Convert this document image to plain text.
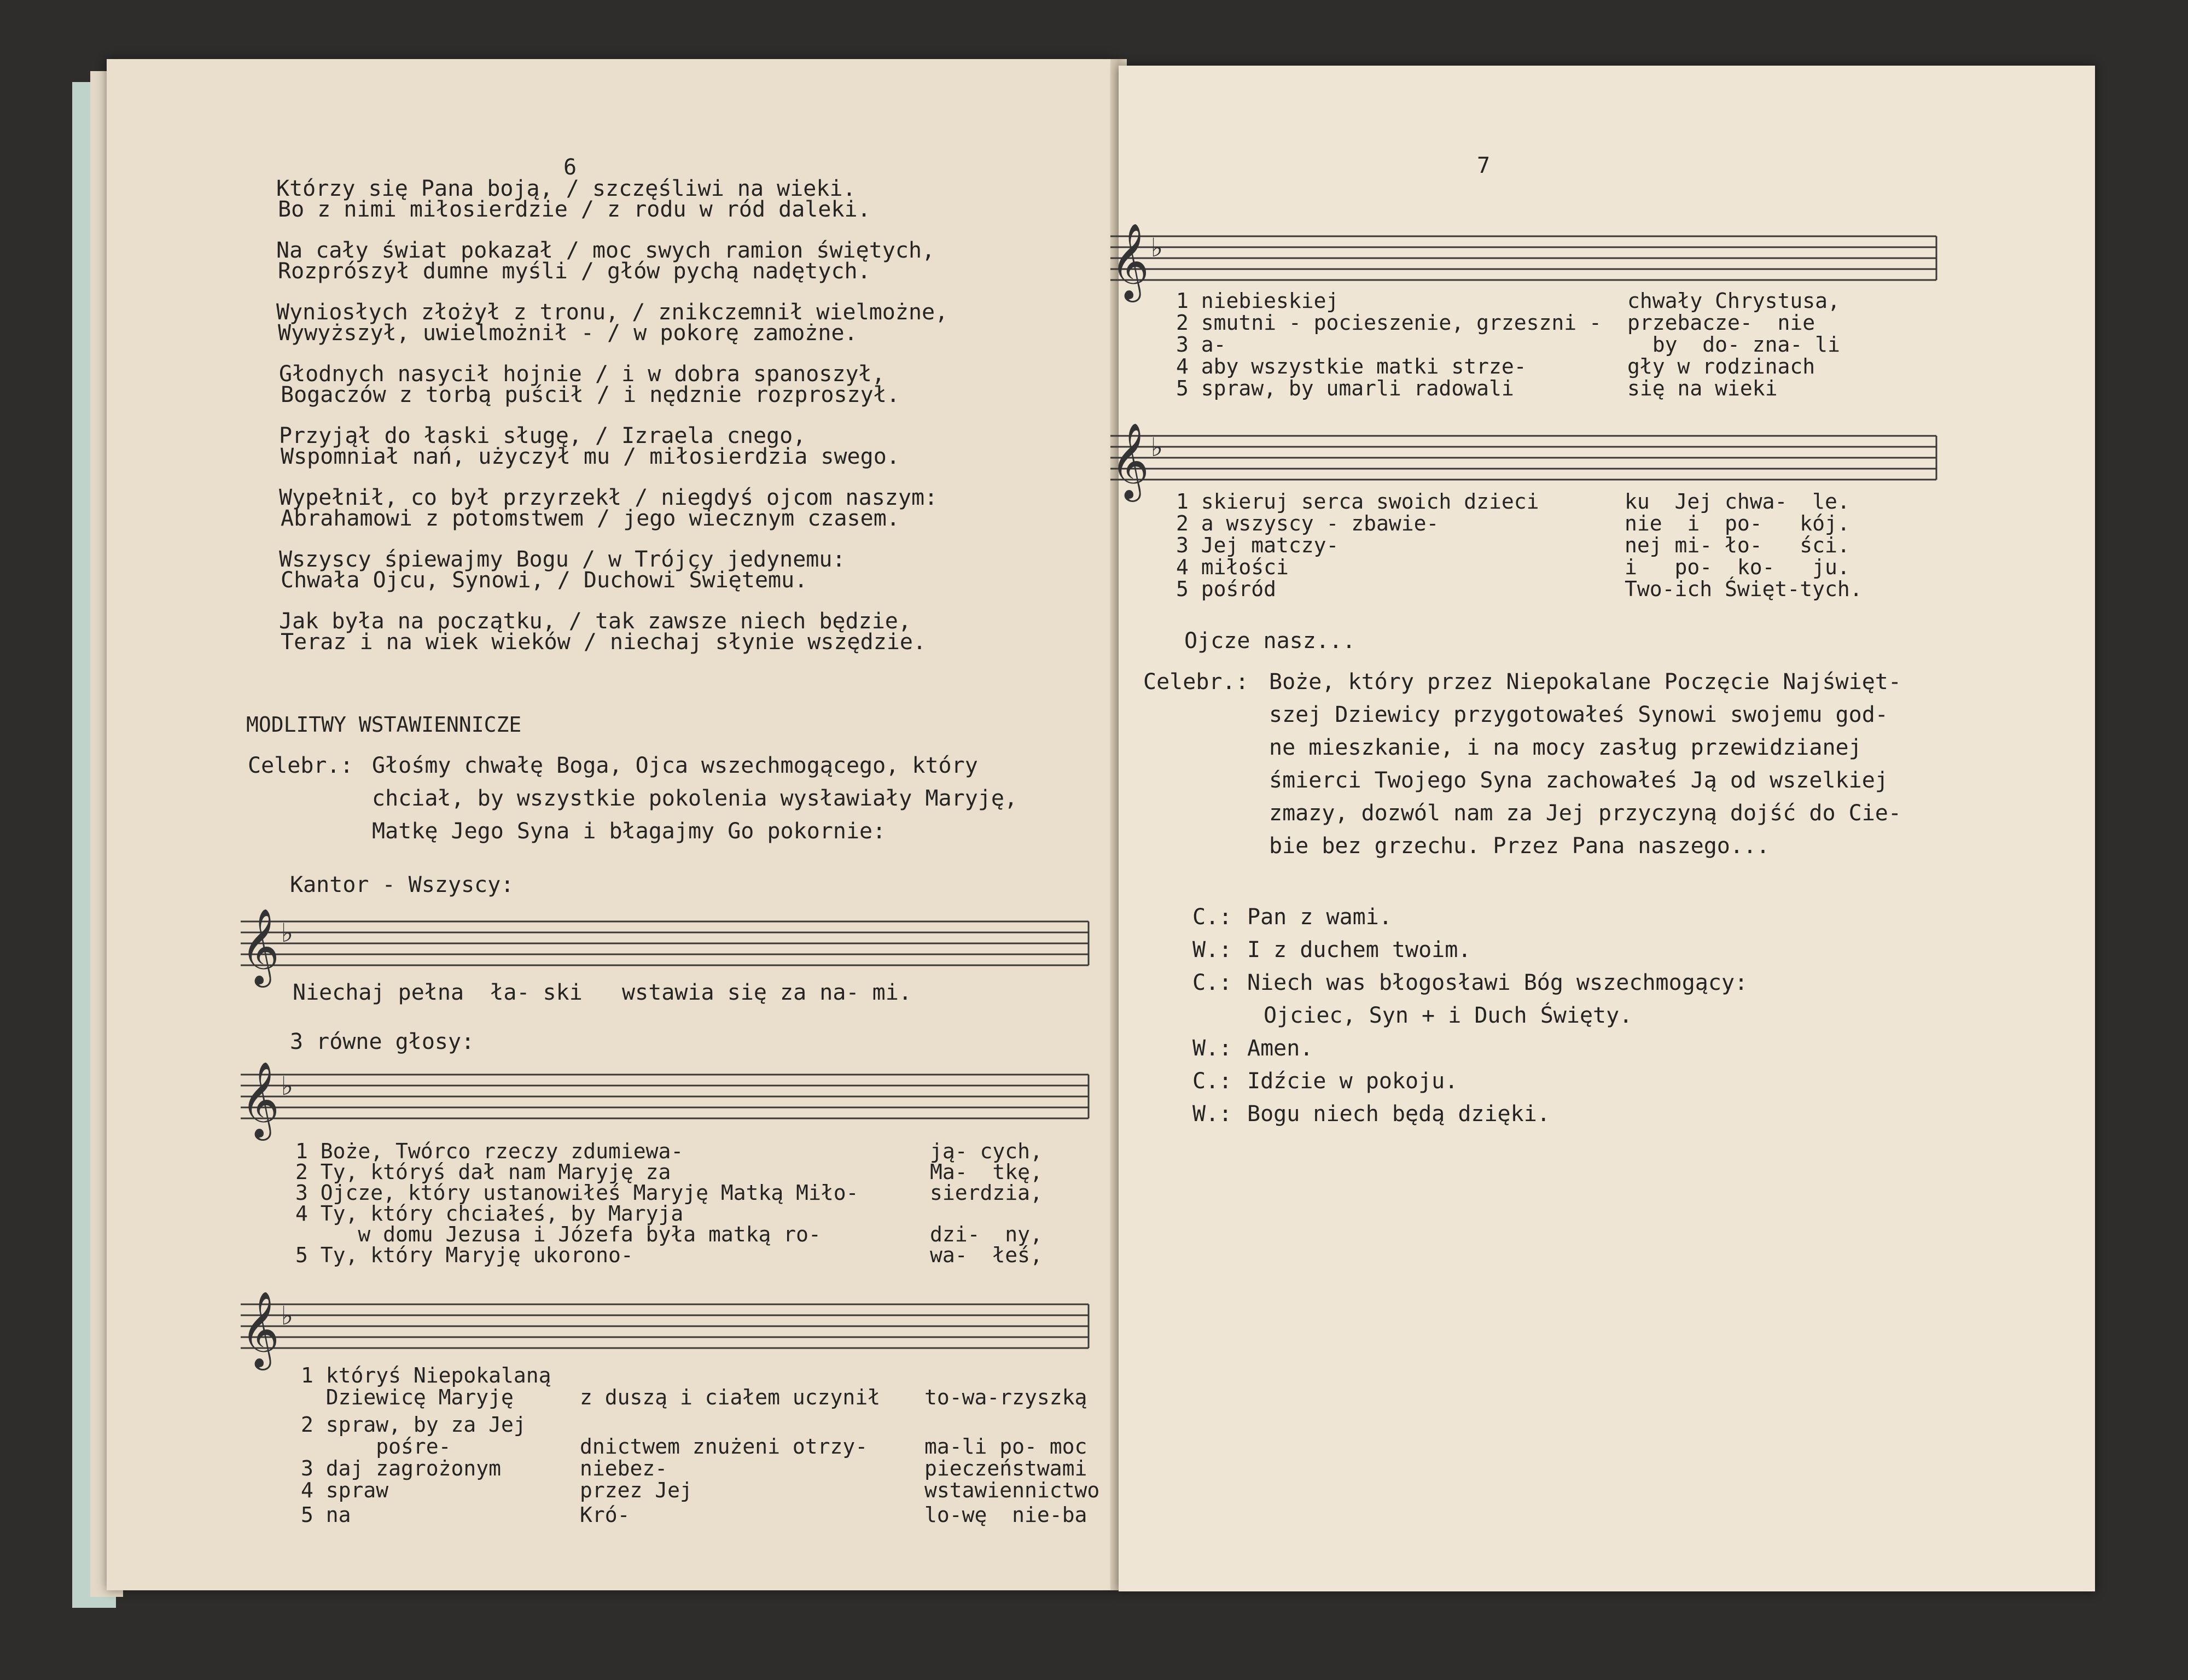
6
Którzy się Pana boją, / szczęśliwi na wieki.
Bo z nimi miłosierdzie / z rodu w ród daleki.
Na cały świat pokazał / moc swych ramion świętych,
Rozprószył dumne myśli / głów pychą nadętych.
Wyniosłych złożył z tronu, / znikczemnił wielmożne,
Wywyższył, uwielmożnił - / w pokorę zamożne.
Głodnych nasycił hojnie / i w dobra spanoszył,
Bogaczów z torbą puścił / i nędznie rozproszył.
Przyjął do łaski sługę, / Izraela cnego,
Wspomniał nań, użyczył mu / miłosierdzia swego.
Wypełnił, co był przyrzekł / niegdyś ojcom naszym:
Abrahamowi z potomstwem / jego wiecznym czasem.
Wszyscy śpiewajmy Bogu / w Trójcy jedynemu:
Chwała Ojcu, Synowi, / Duchowi Świętemu.
Jak była na początku, / tak zawsze niech będzie,
Teraz i na wiek wieków / niechaj słynie wszędzie.
MODLITWY WSTAWIENNICZE
Celebr.: Głośmy chwałę Boga, Ojca wszechmogącego, który
chciał, by wszystkie pokolenia wysławiały Maryję,
Matkę Jego Syna i błagajmy Go pokornie:
Kantor - Wszyscy:
𝄞 ♭
Niechaj pełna  ła- ski   wstawia się za na- mi.
3 równe głosy:
𝄞 ♭
1 Boże, Twórco rzeczy zdumiewa-
2 Ty, któryś dał nam Maryję za
3 Ojcze, który ustanowiłeś Maryję Matką Miło-
4 Ty, który chciałeś, by Maryja
w domu Jezusa i Józefa była matką ro-
5 Ty, który Maryję ukorono-
ją- cych,
Ma-  tkę,
sierdzia,
dzi-  ny,
wa-  łeś,
𝄞 ♭
1 któryś Niepokalaną
Dziewicę Maryję
2 spraw, by za Jej
pośre-
3 daj zagrożonym
4 spraw
5 na
z duszą i ciałem uczynił
dnictwem znużeni otrzy-
niebez-
przez Jej
Kró-
to-wa-rzyszką
ma-li po- moc
pieczeństwami
wstawiennictwo
lo-wę  nie-ba
7
𝄞 ♭
1 niebieskiej
2 smutni - pocieszenie, grzeszni -
3 a-
4 aby wszystkie matki strze-
5 spraw, by umarli radowali
chwały Chrystusa,
przebacze-  nie
by  do- zna- li
gły w rodzinach
się na wieki
𝄞 ♭
1 skieruj serca swoich dzieci
2 a wszyscy - zbawie-
3 Jej matczy-
4 miłości
5 pośród
ku  Jej chwa-  le.
nie  i  po-   kój.
nej mi- ło-   ści.
i   po-  ko-   ju.
Two-ich Święt-tych.
Ojcze nasz...
Celebr.: Boże, który przez Niepokalane Poczęcie Najświęt-
szej Dziewicy przygotowałeś Synowi swojemu god-
ne mieszkanie, i na mocy zasług przewidzianej
śmierci Twojego Syna zachowałeś Ją od wszelkiej
zmazy, dozwól nam za Jej przyczyną dojść do Cie-
bie bez grzechu. Przez Pana naszego...
C.: Pan z wami.
W.: I z duchem twoim.
C.: Niech was błogosławi Bóg wszechmogący:
Ojciec, Syn + i Duch Święty.
W.: Amen.
C.: Idźcie w pokoju.
W.: Bogu niech będą dzięki.
